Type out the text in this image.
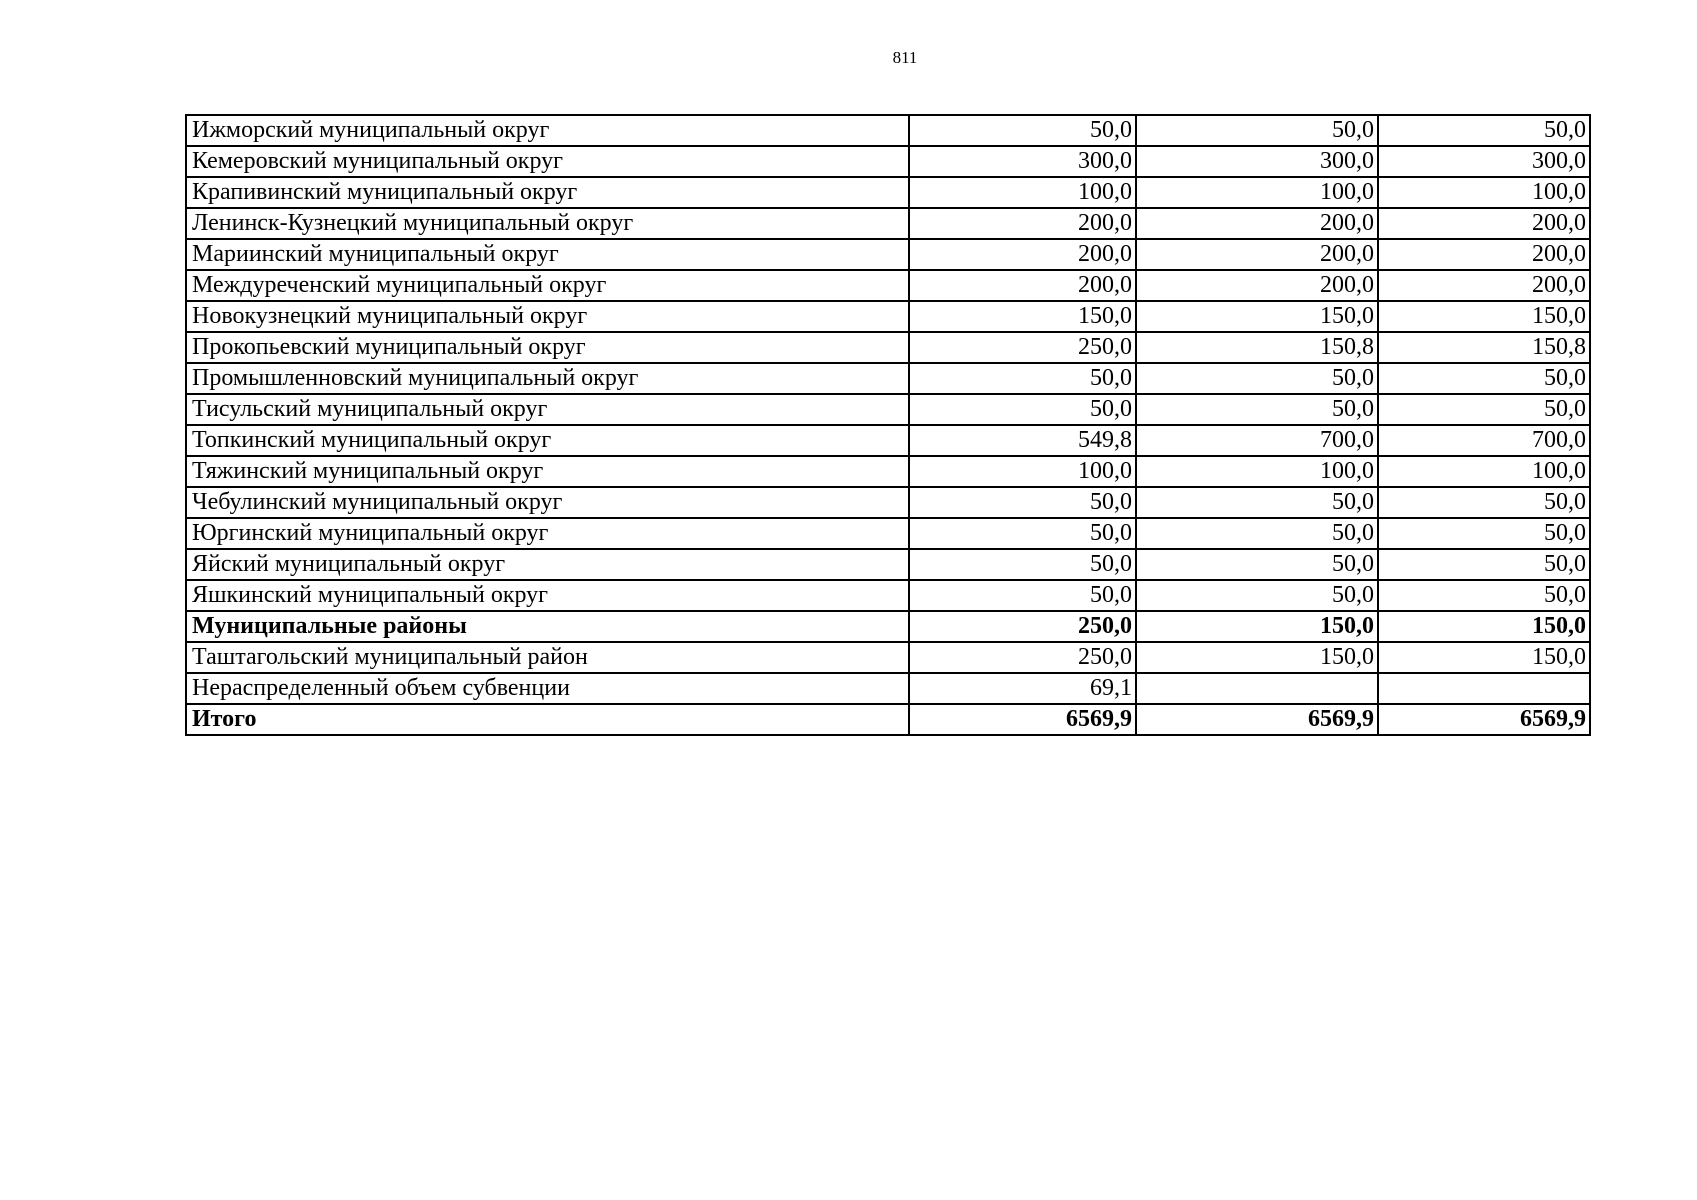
811
Ижморский муниципальный округ	50,0	50,0	50,0
Кемеровский муниципальный округ	300,0	300,0	300,0
Крапивинский муниципальный округ	100,0	100,0	100,0
Ленинск-Кузнецкий муниципальный округ	200,0	200,0	200,0
Мариинский муниципальный округ	200,0	200,0	200,0
Междуреченский муниципальный округ	200,0	200,0	200,0
Новокузнецкий муниципальный округ	150,0	150,0	150,0
Прокопьевский муниципальный округ	250,0	150,8	150,8
Промышленновский муниципальный округ	50,0	50,0	50,0
Тисульский муниципальный округ	50,0	50,0	50,0
Топкинский муниципальный округ	549,8	700,0	700,0
Тяжинский муниципальный округ	100,0	100,0	100,0
Чебулинский муниципальный округ	50,0	50,0	50,0
Юргинский муниципальный округ	50,0	50,0	50,0
Яйский муниципальный округ	50,0	50,0	50,0
Яшкинский муниципальный округ	50,0	50,0	50,0
Муниципальные районы	250,0	150,0	150,0
Таштагольский муниципальный район	250,0	150,0	150,0
Нераспределенный объем субвенции	69,1		
Итого	6569,9	6569,9	6569,9
